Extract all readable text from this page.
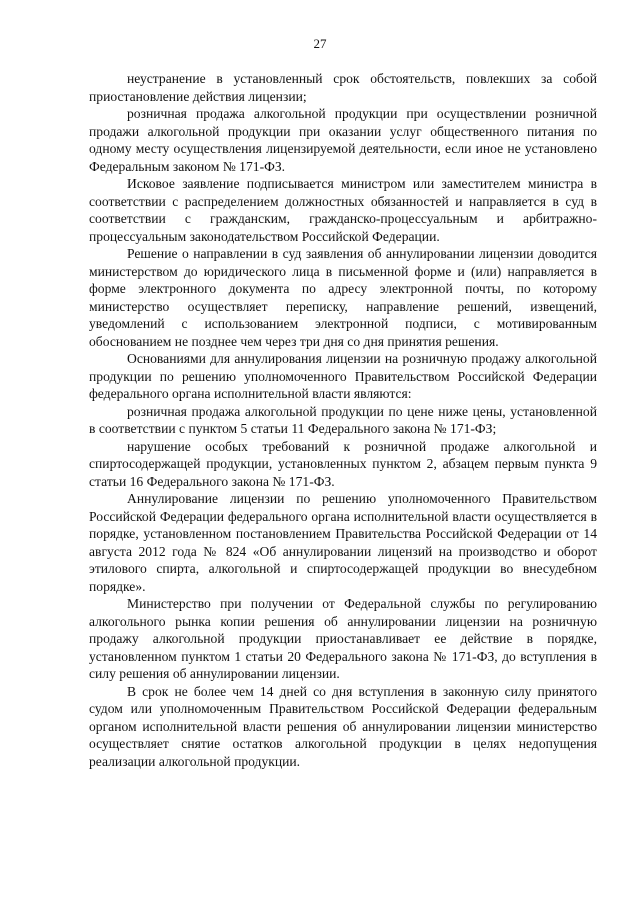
27

неустранение в установленный срок обстоятельств, повлекших за собой приостановление действия лицензии;

розничная продажа алкогольной продукции при осуществлении розничной продажи алкогольной продукции при оказании услуг общественного питания по одному месту осуществления лицензируемой деятельности, если иное не установлено Федеральным законом № 171-ФЗ.

Исковое заявление подписывается министром или заместителем министра в соответствии с распределением должностных обязанностей и направляется в суд в соответствии с гражданским, гражданско-процессуальным и арбитражно-процессуальным законодательством Российской Федерации.

Решение о направлении в суд заявления об аннулировании лицензии доводится министерством до юридического лица в письменной форме и (или) направляется в форме электронного документа по адресу электронной почты, по которому министерство осуществляет переписку, направление решений, извещений, уведомлений с использованием электронной подписи, с мотивированным обоснованием не позднее чем через три дня со дня принятия решения.

Основаниями для аннулирования лицензии на розничную продажу алкогольной продукции по решению уполномоченного Правительством Российской Федерации федерального органа исполнительной власти являются:

розничная продажа алкогольной продукции по цене ниже цены, установленной в соответствии с пунктом 5 статьи 11 Федерального закона № 171-ФЗ;

нарушение особых требований к розничной продаже алкогольной и спиртосодержащей продукции, установленных пунктом 2, абзацем первым пункта 9 статьи 16 Федерального закона № 171-ФЗ.

Аннулирование лицензии по решению уполномоченного Правительством Российской Федерации федерального органа исполнительной власти осуществляется в порядке, установленном постановлением Правительства Российской Федерации от 14 августа 2012 года № 824 «Об аннулировании лицензий на производство и оборот этилового спирта, алкогольной и спиртосодержащей продукции во внесудебном порядке».

Министерство при получении от Федеральной службы по регулированию алкогольного рынка копии решения об аннулировании лицензии на розничную продажу алкогольной продукции приостанавливает ее действие в порядке, установленном пунктом 1 статьи 20 Федерального закона № 171-ФЗ, до вступления в силу решения об аннулировании лицензии.

В срок не более чем 14 дней со дня вступления в законную силу принятого судом или уполномоченным Правительством Российской Федерации федеральным органом исполнительной власти решения об аннулировании лицензии министерство осуществляет снятие остатков алкогольной продукции в целях недопущения реализации алкогольной продукции.
